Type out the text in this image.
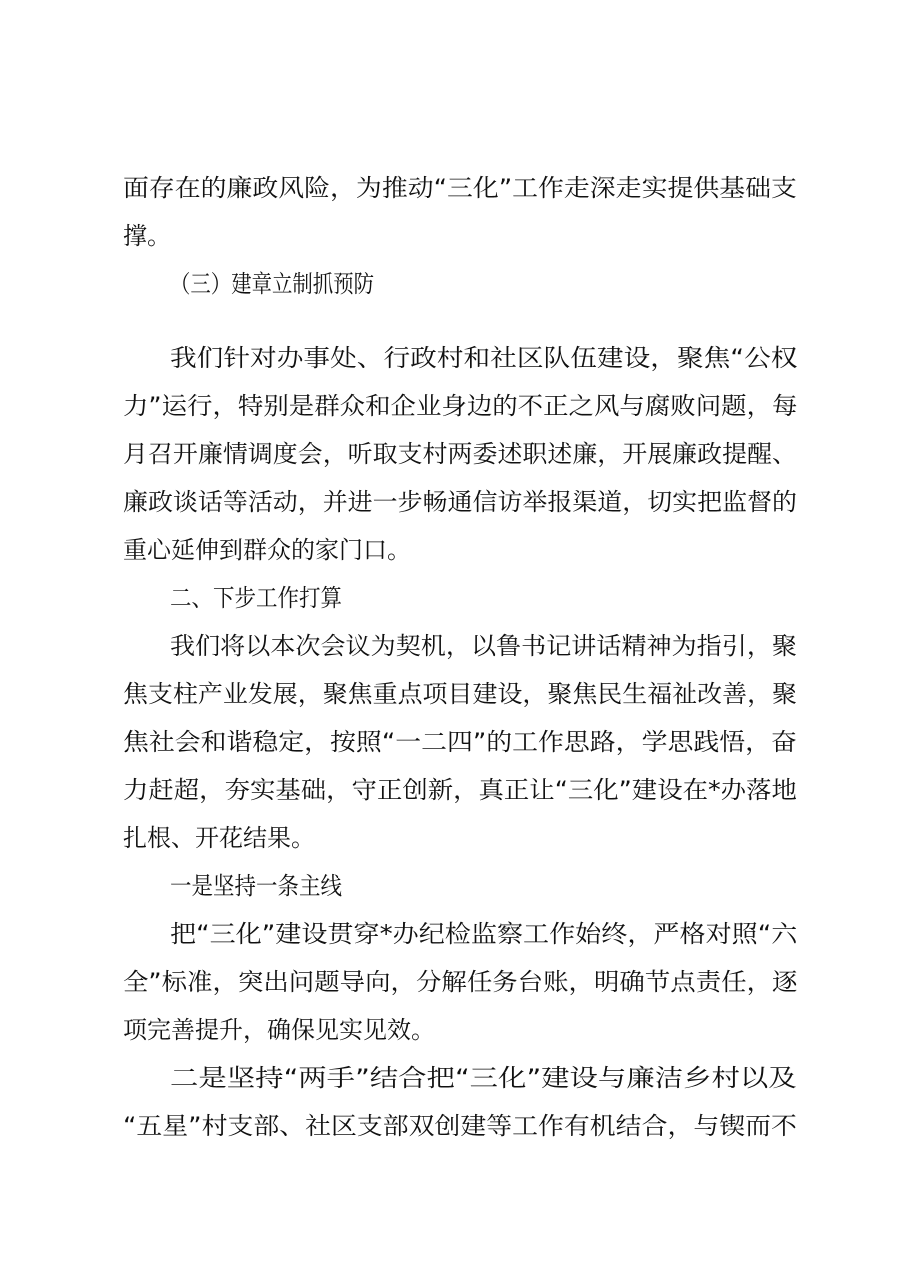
面存在的廉政风险，为推动“三化”工作走深走实提供基础支
撑。
（三）建章立制抓预防
我们针对办事处、行政村和社区队伍建设，聚焦“公权
力”运行，特别是群众和企业身边的不正之风与腐败问题，每
月召开廉情调度会，听取支村两委述职述廉，开展廉政提醒、
廉政谈话等活动，并进一步畅通信访举报渠道，切实把监督的
重心延伸到群众的家门口。
二、下步工作打算
我们将以本次会议为契机，以鲁书记讲话精神为指引，聚
焦支柱产业发展，聚焦重点项目建设，聚焦民生福祉改善，聚
焦社会和谐稳定，按照“一二四”的工作思路，学思践悟，奋
力赶超，夯实基础，守正创新，真正让“三化”建设在*办落地
扎根、开花结果。
一是坚持一条主线
把“三化”建设贯穿*办纪检监察工作始终，严格对照“六
全”标准，突出问题导向，分解任务台账，明确节点责任，逐
项完善提升，确保见实见效。
二是坚持“两手”结合把“三化”建设与廉洁乡村以及
“五星”村支部、社区支部双创建等工作有机结合，与锲而不
